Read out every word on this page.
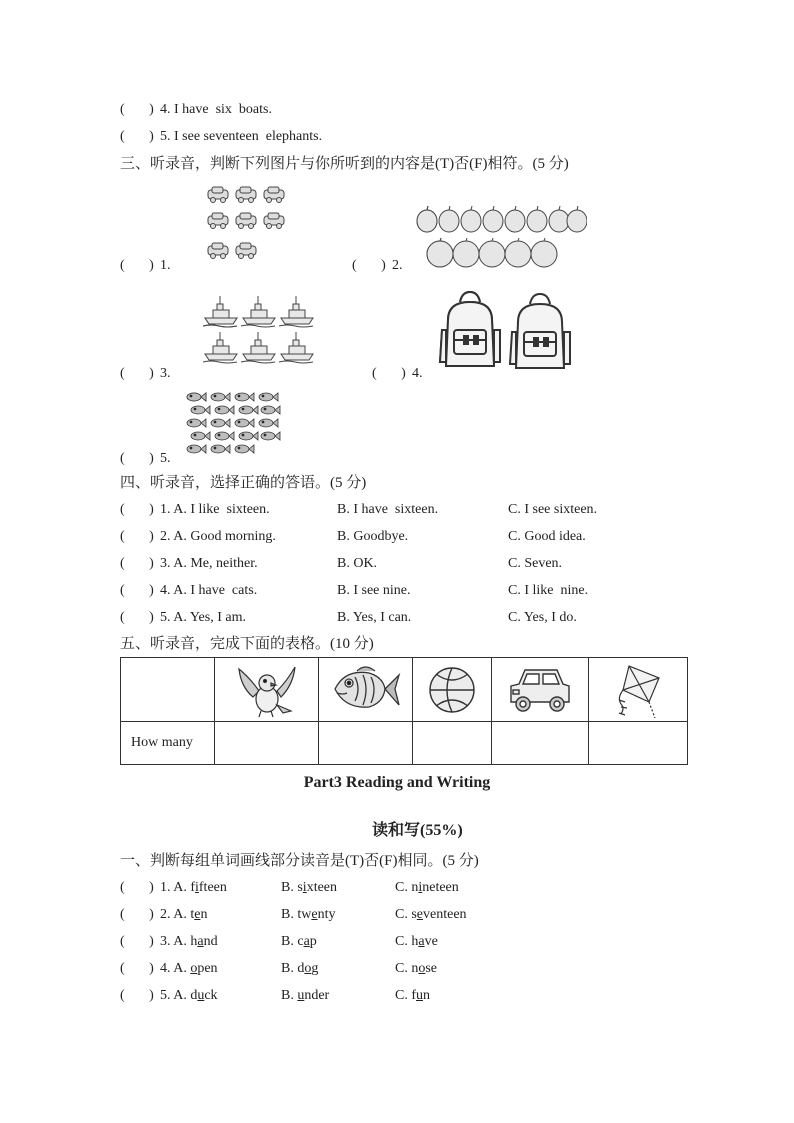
(       ) 4. I have  six  boats.
(       ) 5. I see seventeen  elephants.
三、听录音，判断下列图片与你所听到的内容是(T)否(F)相符。(5 分)
(       ) 1.	(       ) 2.
(       ) 3.	(       ) 4.
(       ) 5.
四、听录音，选择正确的答语。(5 分)
(       ) 1. A. I like  sixteen.	B. I have  sixteen.	C. I see sixteen.
(       ) 2. A. Good morning.	B. Goodbye.	C. Good idea.
(       ) 3. A. Me, neither.	B. OK.	C. Seven.
(       ) 4. A. I have  cats.	B. I see nine.	C. I like  nine.
(       ) 5. A. Yes, I am.	B. Yes, I can.	C. Yes, I do.
五、听录音，完成下面的表格。(10 分)

How many					
Part3 Reading and Writing
读和写(55%)
一、判断每组单词画线部分读音是(T)否(F)相同。(5 分)
(       ) 1. A. fifteen	B. sixteen	C. nineteen
(       ) 2. A. ten	B. twenty	C. seventeen
(       ) 3. A. hand	B. cap	C. have
(       ) 4. A. open	B. dog	C. nose
(       ) 5. A. duck	B. under	C. fun
